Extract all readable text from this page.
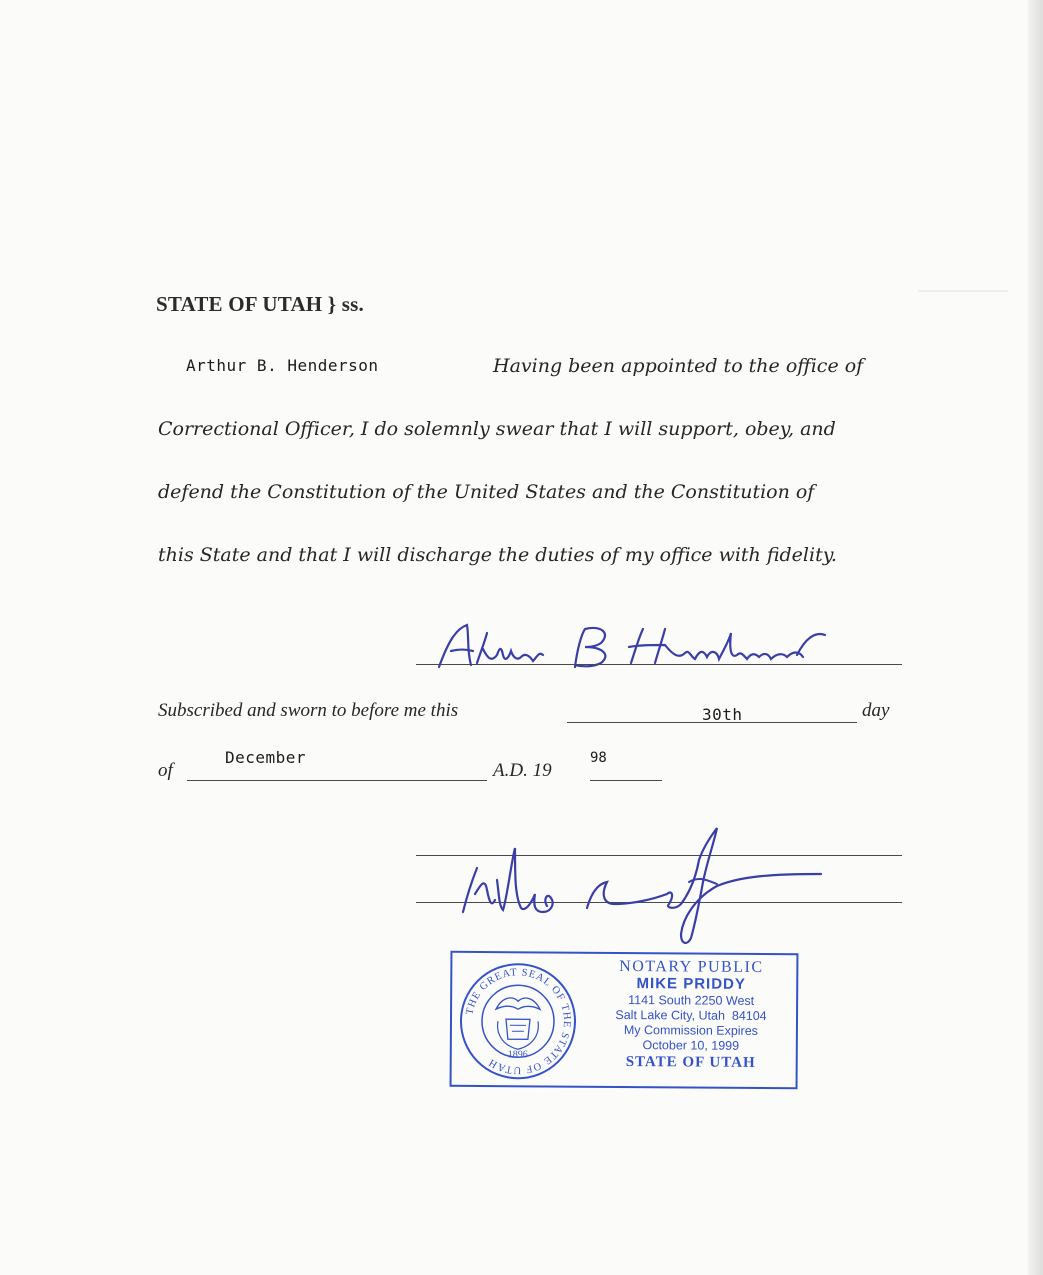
STATE OF UTAH } ss.
Arthur B. Henderson	Having been appointed to the office of

Correctional Officer, I do solemnly swear that I will support, obey, and

defend the Constitution of the United States and the Constitution of

this State and that I will discharge the duties of my office with fidelity.

Subscribed and sworn to before me this	30th	day
of
December
A.D. 19
98
THE GREAT SEAL OF THE STATE OF UTAH
1896
NOTARY PUBLIC
MIKE PRIDDY
1141 South 2250 West
Salt Lake City, Utah  84104
My Commission Expires
October 10, 1999
STATE OF UTAH
